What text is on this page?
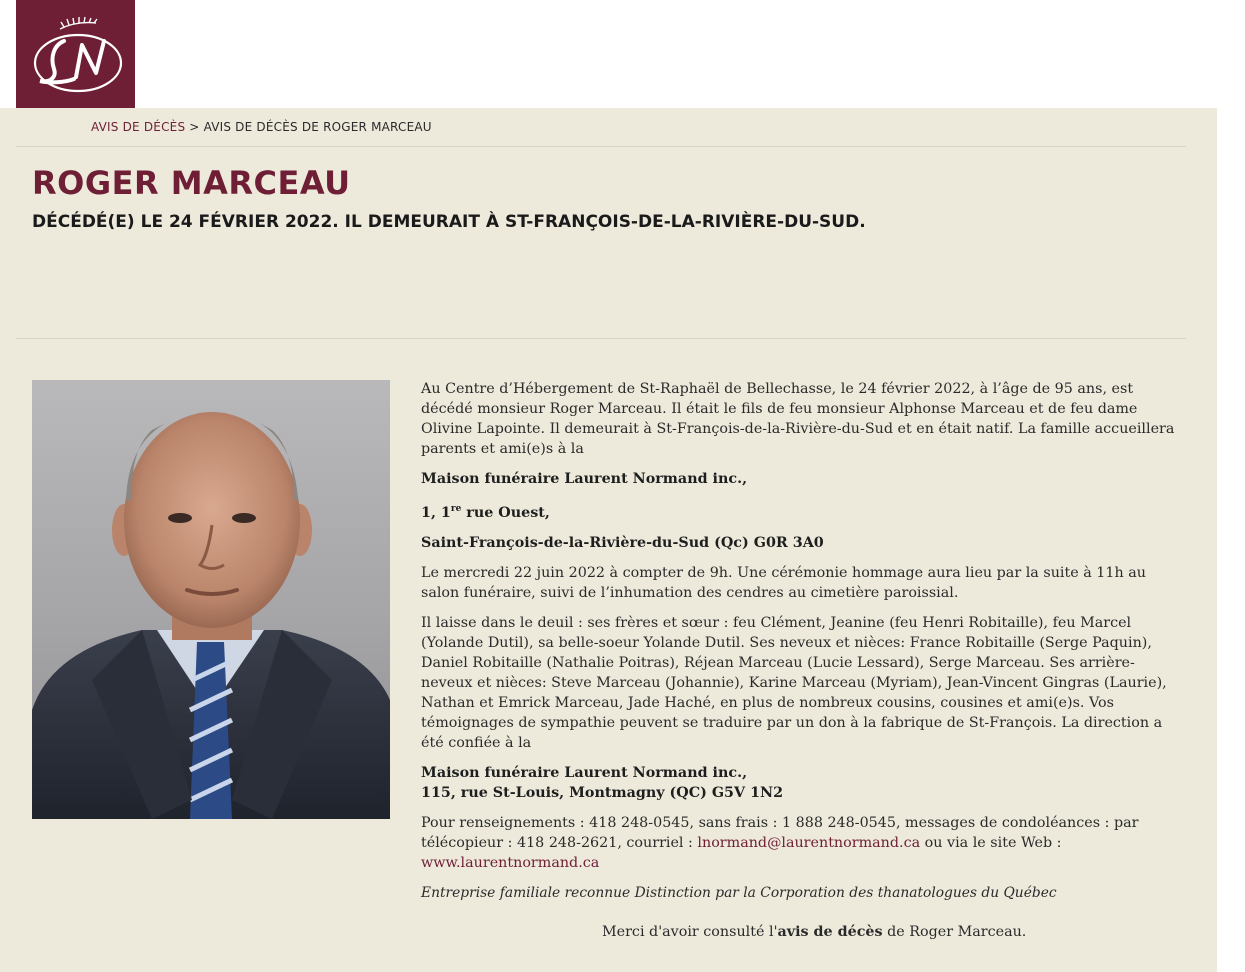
AVIS DE DÉCÈS > AVIS DE DÉCÈS DE ROGER MARCEAU
ROGER MARCEAU
DÉCÉDÉ(E) LE 24 FÉVRIER 2022. IL DEMEURAIT À ST-FRANÇOIS-DE-LA-RIVIÈRE-DU-SUD.

Au Centre d’Hébergement de St-Raphaël de Bellechasse, le 24 février 2022, à l’âge de 95 ans, est décédé monsieur Roger Marceau. Il était le fils de feu monsieur Alphonse Marceau et de feu dame Olivine Lapointe. Il demeurait à St-François-de-la-Rivière-du-Sud et en était natif. La famille accueillera parents et ami(e)s à la

Maison funéraire Laurent Normand inc.,

1, 1re rue Ouest,

Saint-François-de-la-Rivière-du-Sud (Qc) G0R 3A0

Le mercredi 22 juin 2022 à compter de 9h. Une cérémonie hommage aura lieu par la suite à 11h au salon funéraire, suivi de l’inhumation des cendres au cimetière paroissial.

Il laisse dans le deuil : ses frères et sœur : feu Clément, Jeanine (feu Henri Robitaille), feu Marcel (Yolande Dutil), sa belle-soeur Yolande Dutil. Ses neveux et nièces: France Robitaille (Serge Paquin), Daniel Robitaille (Nathalie Poitras), Réjean Marceau (Lucie Lessard), Serge Marceau. Ses arrière-neveux et nièces: Steve Marceau (Johannie), Karine Marceau (Myriam), Jean-Vincent Gingras (Laurie), Nathan et Emrick Marceau, Jade Haché, en plus de nombreux cousins, cousines et ami(e)s. Vos témoignages de sympathie peuvent se traduire par un don à la fabrique de St-François. La direction a été confiée à la

Maison funéraire Laurent Normand inc.,
115, rue St-Louis, Montmagny (QC) G5V 1N2

Pour renseignements : 418 248-0545, sans frais : 1 888 248-0545, messages de condoléances : par télécopieur : 418 248-2621, courriel : lnormand@laurentnormand.ca ou via le site Web : www.laurentnormand.ca

Entreprise familiale reconnue Distinction par la Corporation des thanatologues du Québec

Merci d'avoir consulté l'avis de décès de Roger Marceau.
